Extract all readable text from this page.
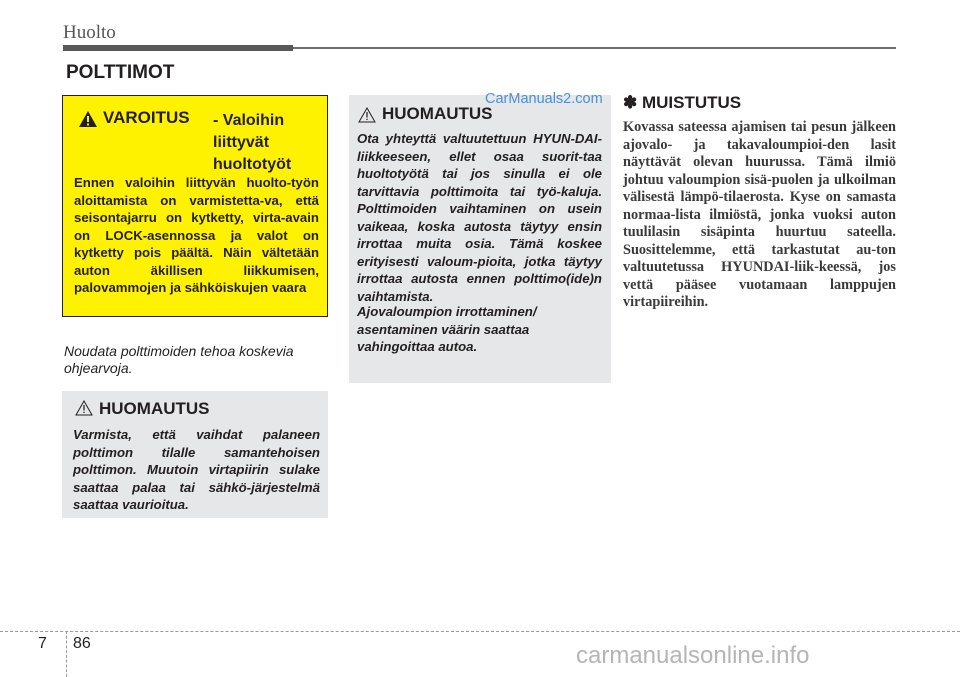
Huolto
POLTTIMOT
VAROITUS - Valoihin liittyvät huoltotyöt
Ennen valoihin liittyvän huolto-työn aloittamista on varmistetta-va, että seisontajarru on kytketty, virta-avain on LOCK-asennossa ja valot on kytketty pois päältä. Näin vältetään auton äkillisen liikkumisen, palovammojen ja sähköiskujen vaara
Noudata polttimoiden tehoa koskevia ohjearvoja.
HUOMAUTUS
Ota yhteyttä valtuutettuun HYUN-DAI-liikkeeseen, ellet osaa suorit-taa huoltotyötä tai jos sinulla ei ole tarvittavia polttimoita tai työ-kaluja. Polttimoiden vaihtaminen on usein vaikeaa, koska autosta täytyy ensin irrottaa muita osia. Tämä koskee erityisesti valoum-pioita, jotka täytyy irrottaa autosta ennen polttimo(ide)n vaihtamista.
Ajovaloumpion irrottaminen/ asentaminen väärin saattaa vahingoittaa autoa.
HUOMAUTUS
Varmista, että vaihdat palaneen polttimon tilalle samantehoisen polttimon. Muutoin virtapiirin sulake saattaa palaa tai sähkö-järjestelmä saattaa vaurioitua.
CarManuals2.com ✽ MUISTUTUS
Kovassa sateessa ajamisen tai pesun jälkeen ajovalo- ja takavaloumpioi-den lasit näyttävät olevan huurussa. Tämä ilmiö johtuu valoumpion sisä-puolen ja ulkoilman välisestä lämpö-tilaerosta. Kyse on samasta normaa-lista ilmiöstä, jonka vuoksi auton tuulilasin sisäpinta huurtuu sateella. Suosittelemme, että tarkastutat au-ton valtuutetussa HYUNDAI-liik-keessä, jos vettä pääsee vuotamaan lamppujen virtapiireihin.
7 86	carmanualsonline.info
